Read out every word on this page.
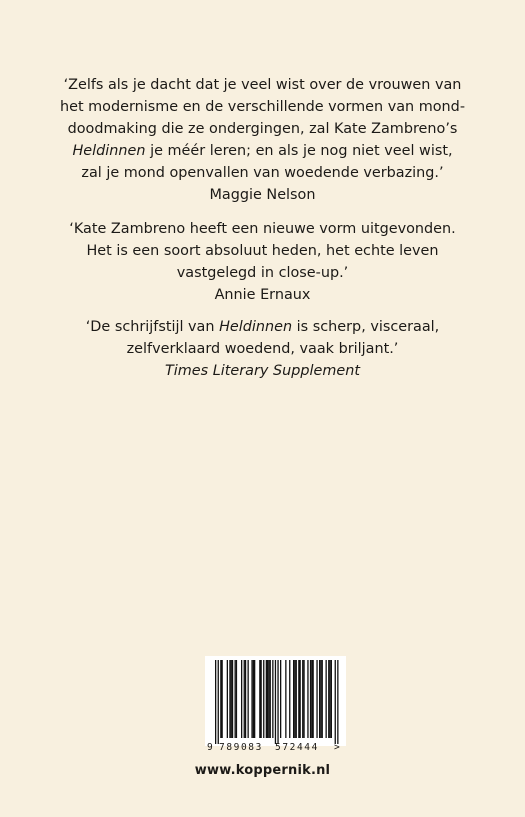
‘Zelfs als je dacht dat je veel wist over de vrouwen van
het modernisme en de verschillende vormen van mond-
doodmaking die ze ondergingen, zal Kate Zambreno’s
Heldinnen je méér leren; en als je nog niet veel wist,
zal je mond openvallen van woedende verbazing.’
Maggie Nelson
‘Kate Zambreno heeft een nieuwe vorm uitgevonden.
Het is een soort absoluut heden, het echte leven
vastgelegd in close-up.’
Annie Ernaux
‘De schrijfstijl van Heldinnen is scherp, visceraal,
zelfverklaard woedend, vaak briljant.’
Times Literary Supplement
9 789083 572444 >
www.koppernik.nl
